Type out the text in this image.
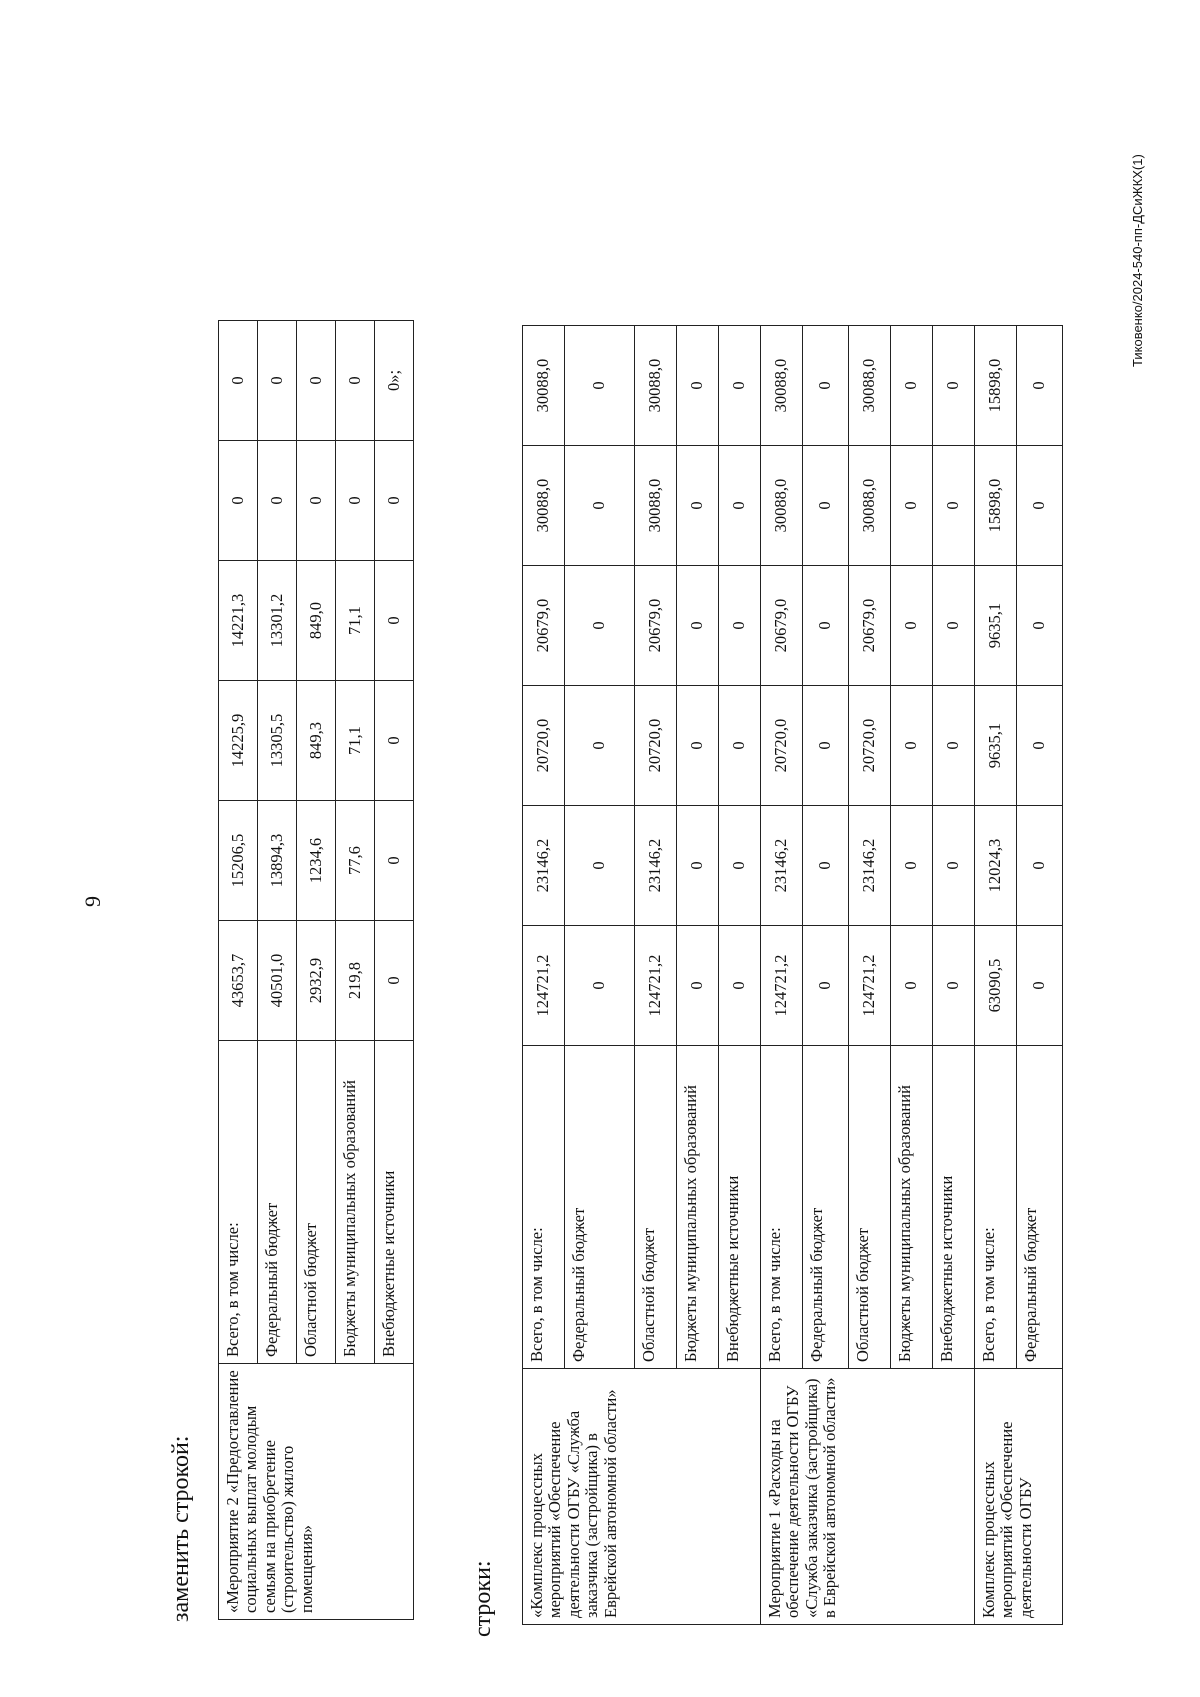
9
заменить строкой:	строки:
«Мероприятие 2 «Предоставление социальных выплат молодым семьям на приобретение (строительство) жилого помещения»	Всего, в том числе:	43653,7	15206,5	14225,9	14221,3	0	0
	Федеральный бюджет	40501,0	13894,3	13305,5	13301,2	0	0
	Областной бюджет	2932,9	1234,6	849,3	849,0	0	0
	Бюджеты муниципальных образований	219,8	77,6	71,1	71,1	0	0
	Внебюджетные источники	0	0	0	0	0	0»;
«Комплекс процессных мероприятий «Обеспечение деятельности ОГБУ «Служба заказчика (застройщика) в Еврейской автономной области»	Всего, в том числе:	124721,2	23146,2	20720,0	20679,0	30088,0	30088,0
	Федеральный бюджет	0	0	0	0	0	0
	Областной бюджет	124721,2	23146,2	20720,0	20679,0	30088,0	30088,0
	Бюджеты муниципальных образований	0	0	0	0	0	0
	Внебюджетные источники	0	0	0	0	0	0
Мероприятие 1 «Расходы на обеспечение деятельности ОГБУ «Служба заказчика (застройщика) в Еврейской автономной области»	Всего, в том числе:	124721,2	23146,2	20720,0	20679,0	30088,0	30088,0
	Федеральный бюджет	0	0	0	0	0	0
	Областной бюджет	124721,2	23146,2	20720,0	20679,0	30088,0	30088,0
	Бюджеты муниципальных образований	0	0	0	0	0	0
	Внебюджетные источники	0	0	0	0	0	0
Комплекс процессных мероприятий «Обеспечение деятельности ОГБУ	Всего, в том числе:	63090,5	12024,3	9635,1	9635,1	15898,0	15898,0
	Федеральный бюджет	0	0	0	0	0	0
Тиковенко/2024-540-пп-ДСиЖКХ(1)
